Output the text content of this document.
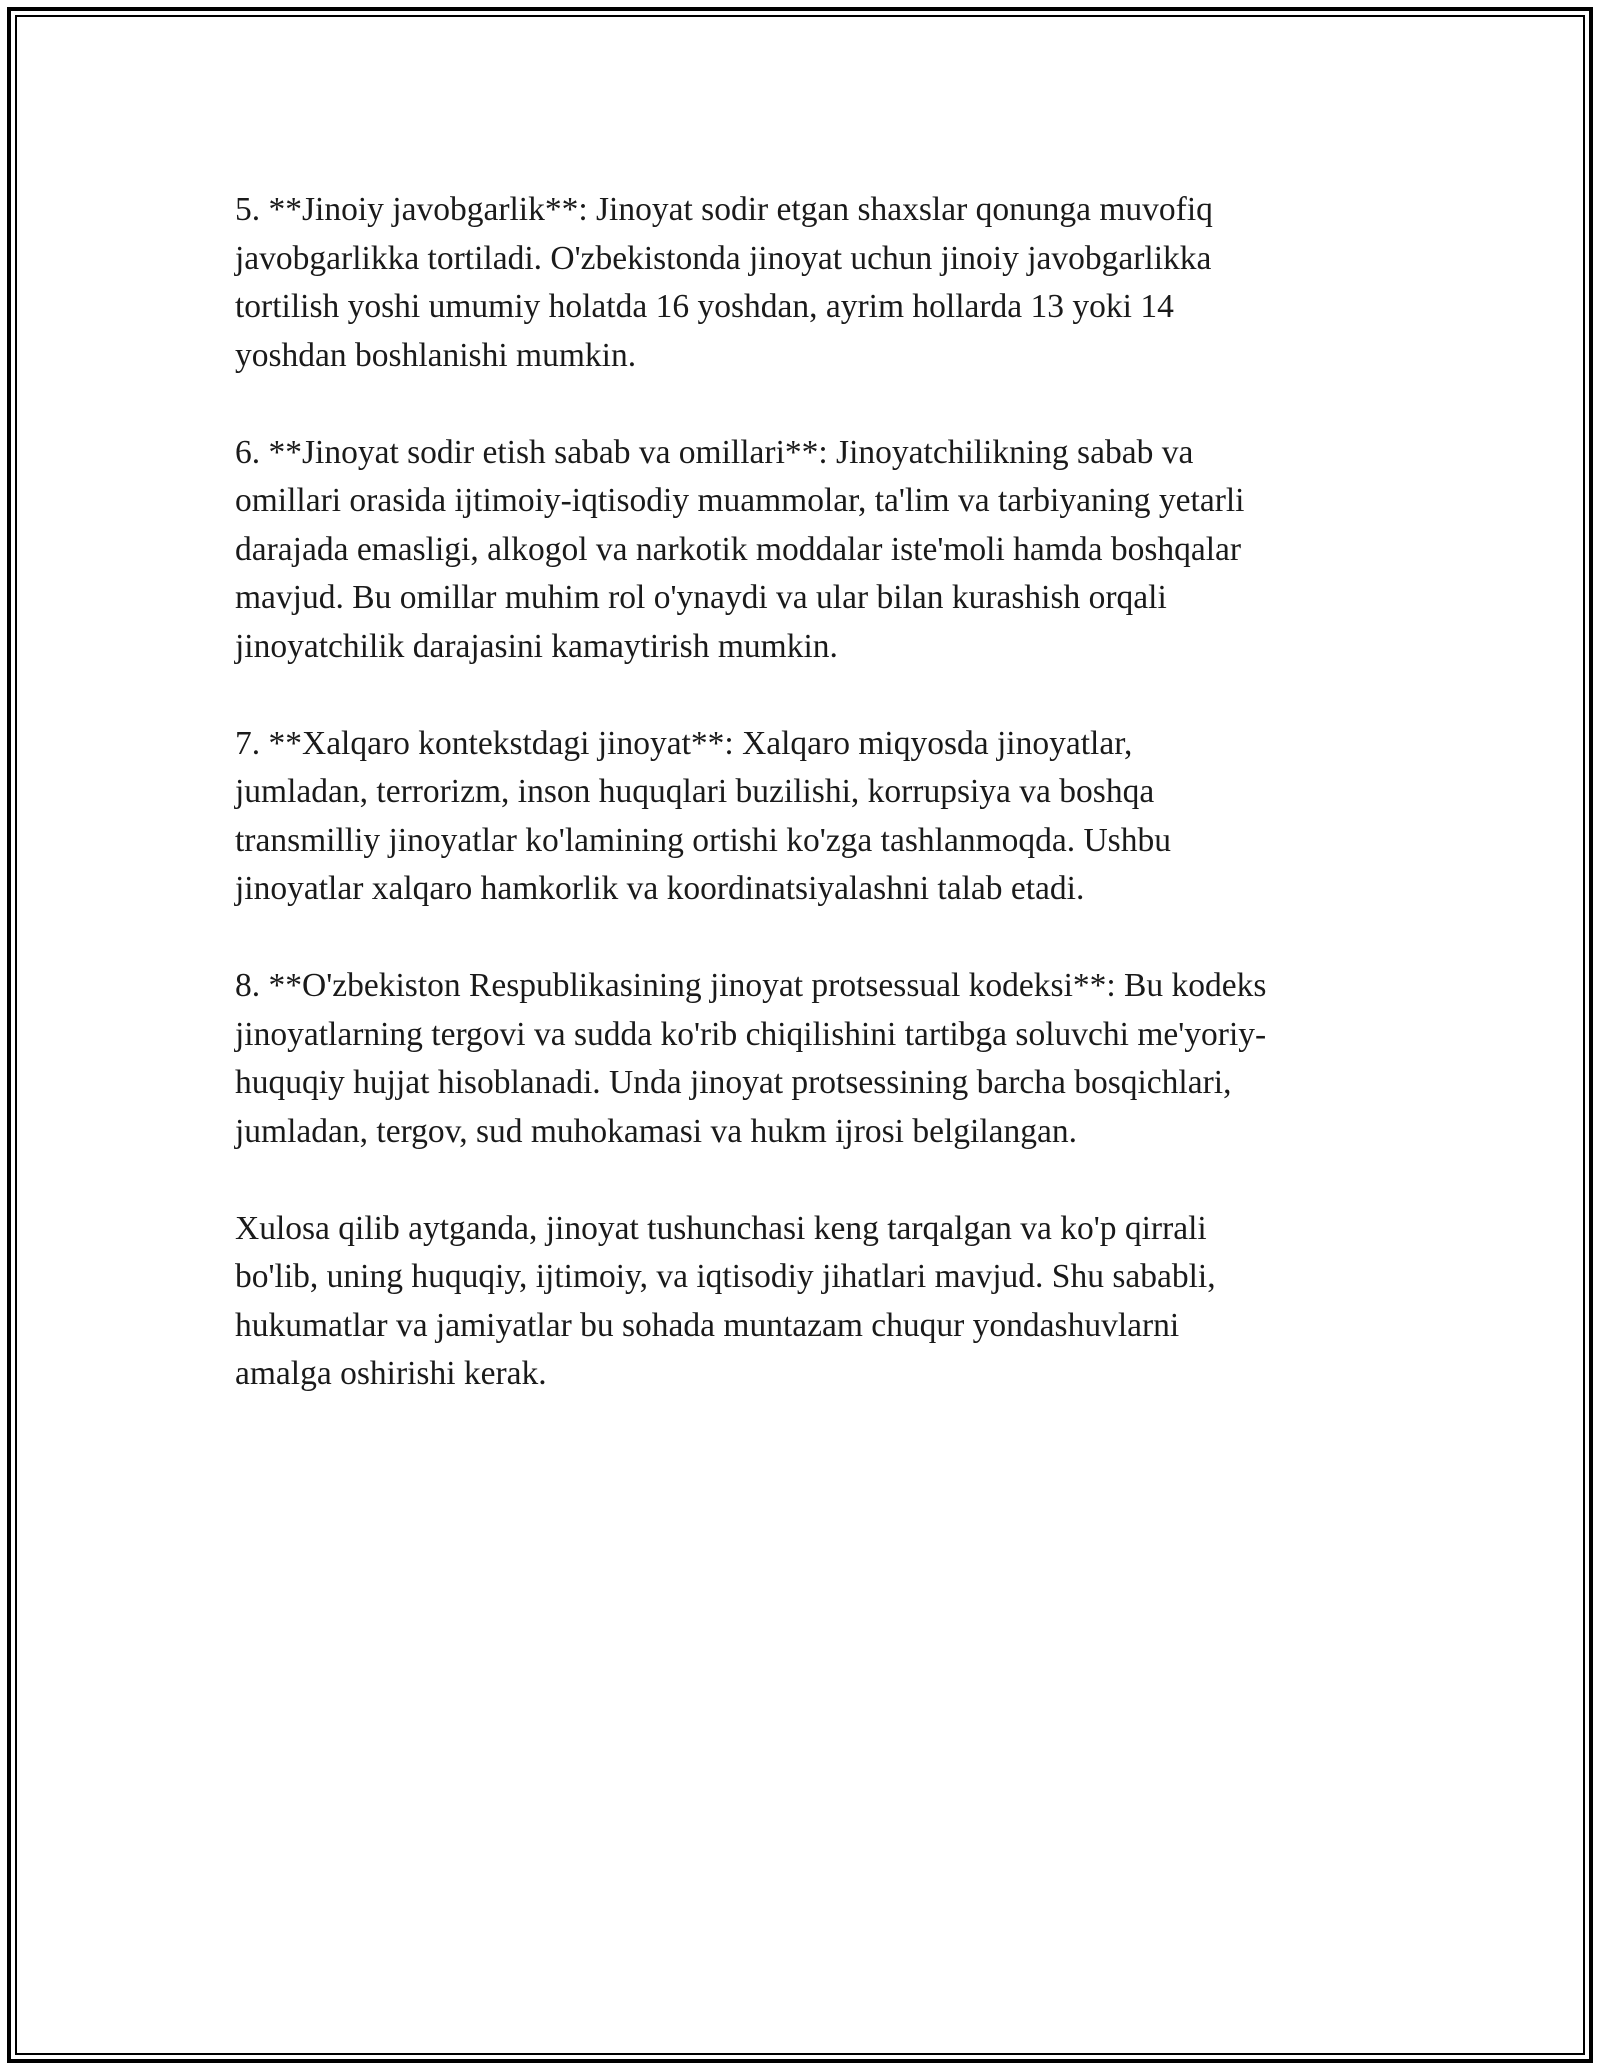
5. **Jinoiy javobgarlik**: Jinoyat sodir etgan shaxslar qonunga muvofiq
javobgarlikka tortiladi. O'zbekistonda jinoyat uchun jinoiy javobgarlikka
tortilish yoshi umumiy holatda 16 yoshdan, ayrim hollarda 13 yoki 14
yoshdan boshlanishi mumkin.

6. **Jinoyat sodir etish sabab va omillari**: Jinoyatchilikning sabab va
omillari orasida ijtimoiy-iqtisodiy muammolar, ta'lim va tarbiyaning yetarli
darajada emasligi, alkogol va narkotik moddalar iste'moli hamda boshqalar
mavjud. Bu omillar muhim rol o'ynaydi va ular bilan kurashish orqali
jinoyatchilik darajasini kamaytirish mumkin.

7. **Xalqaro kontekstdagi jinoyat**: Xalqaro miqyosda jinoyatlar,
jumladan, terrorizm, inson huquqlari buzilishi, korrupsiya va boshqa
transmilliy jinoyatlar ko'lamining ortishi ko'zga tashlanmoqda. Ushbu
jinoyatlar xalqaro hamkorlik va koordinatsiyalashni talab etadi.

8. **O'zbekiston Respublikasining jinoyat protsessual kodeksi**: Bu kodeks
jinoyatlarning tergovi va sudda ko'rib chiqilishini tartibga soluvchi me'yoriy-
huquqiy hujjat hisoblanadi. Unda jinoyat protsessining barcha bosqichlari,
jumladan, tergov, sud muhokamasi va hukm ijrosi belgilangan.

Xulosa qilib aytganda, jinoyat tushunchasi keng tarqalgan va ko'p qirrali
bo'lib, uning huquqiy, ijtimoiy, va iqtisodiy jihatlari mavjud. Shu sababli,
hukumatlar va jamiyatlar bu sohada muntazam chuqur yondashuvlarni
amalga oshirishi kerak.
